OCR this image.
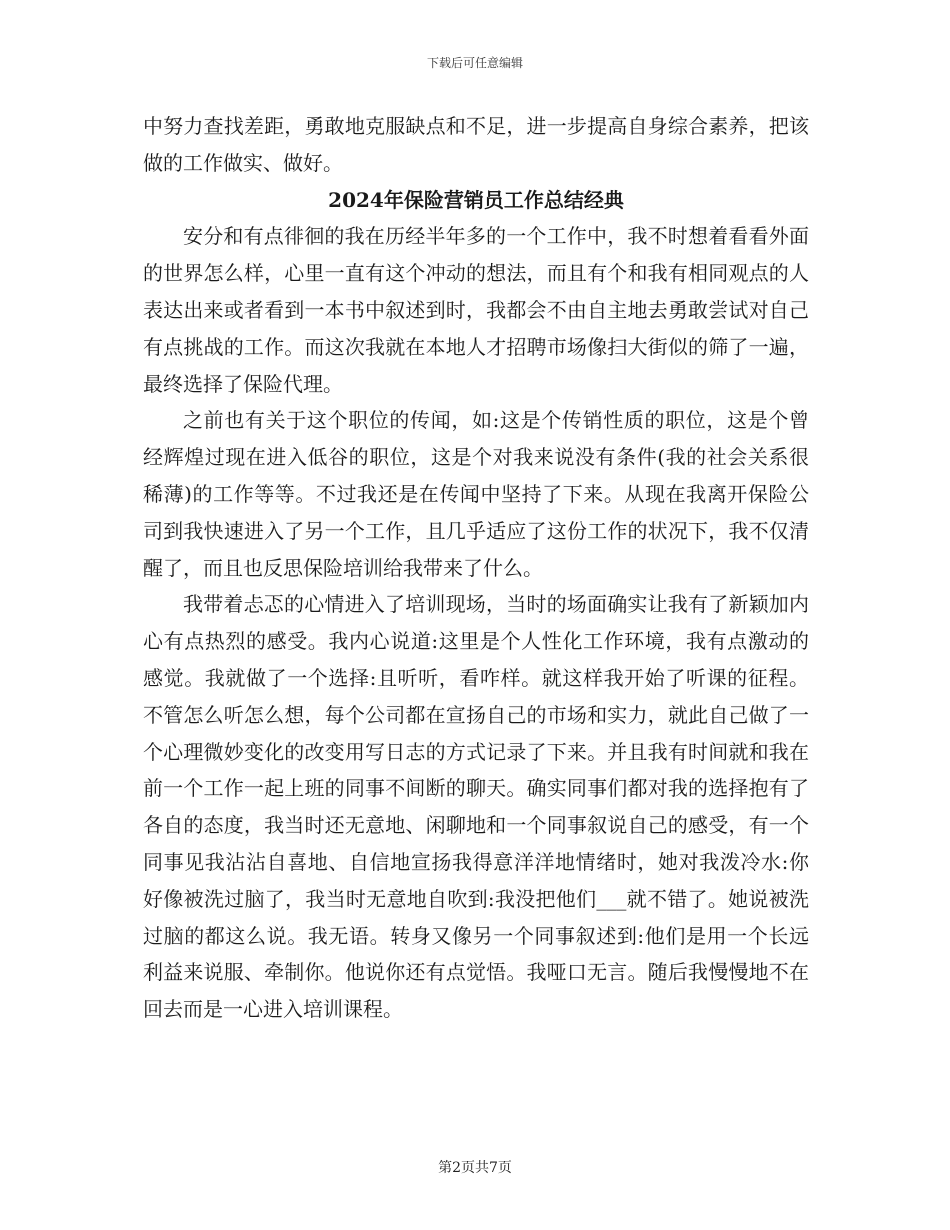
下载后可任意编辑

中努力查找差距，勇敢地克服缺点和不足，进一步提高自身综合素养，把该做的工作做实、做好。

2024年保险营销员工作总结经典

安分和有点徘徊的我在历经半年多的一个工作中，我不时想着看看外面的世界怎么样，心里一直有这个冲动的想法，而且有个和我有相同观点的人表达出来或者看到一本书中叙述到时，我都会不由自主地去勇敢尝试对自己有点挑战的工作。而这次我就在本地人才招聘市场像扫大街似的筛了一遍，最终选择了保险代理。

之前也有关于这个职位的传闻，如:这是个传销性质的职位，这是个曾经辉煌过现在进入低谷的职位，这是个对我来说没有条件(我的社会关系很稀薄)的工作等等。不过我还是在传闻中坚持了下来。从现在我离开保险公司到我快速进入了另一个工作，且几乎适应了这份工作的状况下，我不仅清醒了，而且也反思保险培训给我带来了什么。

我带着忐忑的心情进入了培训现场，当时的场面确实让我有了新颖加内心有点热烈的感受。我内心说道:这里是个人性化工作环境，我有点激动的感觉。我就做了一个选择:且听听，看咋样。就这样我开始了听课的征程。不管怎么听怎么想，每个公司都在宣扬自己的市场和实力，就此自己做了一个心理微妙变化的改变用写日志的方式记录了下来。并且我有时间就和我在前一个工作一起上班的同事不间断的聊天。确实同事们都对我的选择抱有了各自的态度，我当时还无意地、闲聊地和一个同事叙说自己的感受，有一个同事见我沾沾自喜地、自信地宣扬我得意洋洋地情绪时，她对我泼冷水:你好像被洗过脑了，我当时无意地自吹到:我没把他们___就不错了。她说被洗过脑的都这么说。我无语。转身又像另一个同事叙述到:他们是用一个长远利益来说服、牵制你。他说你还有点觉悟。我哑口无言。随后我慢慢地不在回去而是一心进入培训课程。

第2页共7页
